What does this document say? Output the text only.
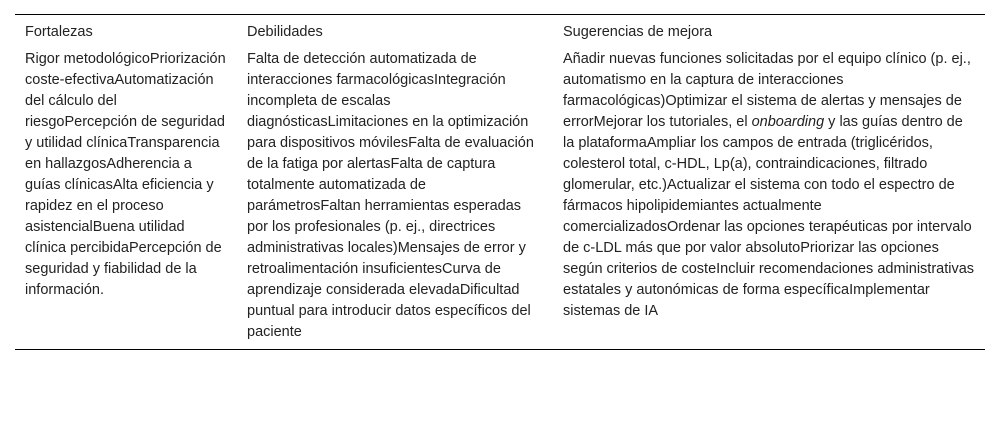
Fortalezas	Debilidades	Sugerencias de mejora
Rigor metodológicoPriorización coste-efectivaAutomatización del cálculo del riesgoPercepción de seguridad y utilidad clínicaTransparencia en hallazgosAdherencia a guías clínicasAlta eficiencia y rapidez en el proceso asistencialBuena utilidad clínica percibidaPercepción de seguridad y fiabilidad de la información.	Falta de detección automatizada de interacciones farmacológicasIntegración incompleta de escalas diagnósticasLimitaciones en la optimización para dispositivos móvilesFalta de evaluación de la fatiga por alertasFalta de captura totalmente automatizada de parámetrosFaltan herramientas esperadas por los profesionales (p. ej., directrices administrativas locales)Mensajes de error y retroalimentación insuficientesCurva de aprendizaje considerada elevadaDificultad puntual para introducir datos específicos del paciente	Añadir nuevas funciones solicitadas por el equipo clínico (p. ej., automatismo en la captura de interacciones farmacológicas)Optimizar el sistema de alertas y mensajes de errorMejorar los tutoriales, el onboarding y las guías dentro de la plataformaAmpliar los campos de entrada (triglicéridos, colesterol total, c-HDL, Lp(a), contraindicaciones, filtrado glomerular, etc.)Actualizar el sistema con todo el espectro de fármacos hipolipidemiantes actualmente comercializadosOrdenar las opciones terapéuticas por intervalo de c-LDL más que por valor absolutoPriorizar las opciones según criterios de costeIncluir recomendaciones administrativas estatales y autonómicas de forma específicaImplementar sistemas de IA
